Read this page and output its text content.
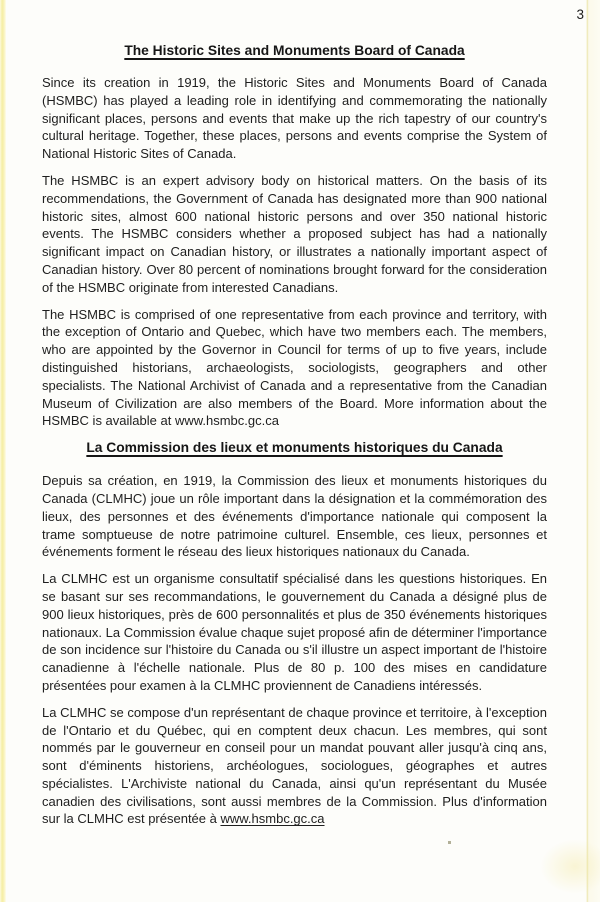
3
The Historic Sites and Monuments Board of Canada

Since its creation in 1919, the Historic Sites and Monuments Board of Canada (HSMBC) has played a leading role in identifying and commemorating the nationally significant places, persons and events that make up the rich tapestry of our country's cultural heritage. Together, these places, persons and events comprise the System of National Historic Sites of Canada.

The HSMBC is an expert advisory body on historical matters. On the basis of its recommendations, the Government of Canada has designated more than 900 national historic sites, almost 600 national historic persons and over 350 national historic events. The HSMBC considers whether a proposed subject has had a nationally significant impact on Canadian history, or illustrates a nationally important aspect of Canadian history. Over 80 percent of nominations brought forward for the consideration of the HSMBC originate from interested Canadians.

The HSMBC is comprised of one representative from each province and territory, with the exception of Ontario and Quebec, which have two members each. The members, who are appointed by the Governor in Council for terms of up to five years, include distinguished historians, archaeologists, sociologists, geographers and other specialists. The National Archivist of Canada and a representative from the Canadian Museum of Civilization are also members of the Board. More information about the HSMBC is available at www.hsmbc.gc.ca

La Commission des lieux et monuments historiques du Canada

Depuis sa création, en 1919, la Commission des lieux et monuments historiques du Canada (CLMHC) joue un rôle important dans la désignation et la commémoration des lieux, des personnes et des événements d'importance nationale qui composent la trame somptueuse de notre patrimoine culturel. Ensemble, ces lieux, personnes et événements forment le réseau des lieux historiques nationaux du Canada.

La CLMHC est un organisme consultatif spécialisé dans les questions historiques. En se basant sur ses recommandations, le gouvernement du Canada a désigné plus de 900 lieux historiques, près de 600 personnalités et plus de 350 événements historiques nationaux. La Commission évalue chaque sujet proposé afin de déterminer l'importance de son incidence sur l'histoire du Canada ou s'il illustre un aspect important de l'histoire canadienne à l'échelle nationale. Plus de 80 p. 100 des mises en candidature présentées pour examen à la CLMHC proviennent de Canadiens intéressés.

La CLMHC se compose d'un représentant de chaque province et territoire, à l'exception de l'Ontario et du Québec, qui en comptent deux chacun. Les membres, qui sont nommés par le gouverneur en conseil pour un mandat pouvant aller jusqu'à cinq ans, sont d'éminents historiens, archéologues, sociologues, géographes et autres spécialistes. L'Archiviste national du Canada, ainsi qu'un représentant du Musée canadien des civilisations, sont aussi membres de la Commission. Plus d'information sur la CLMHC est présentée à www.hsmbc.gc.ca
